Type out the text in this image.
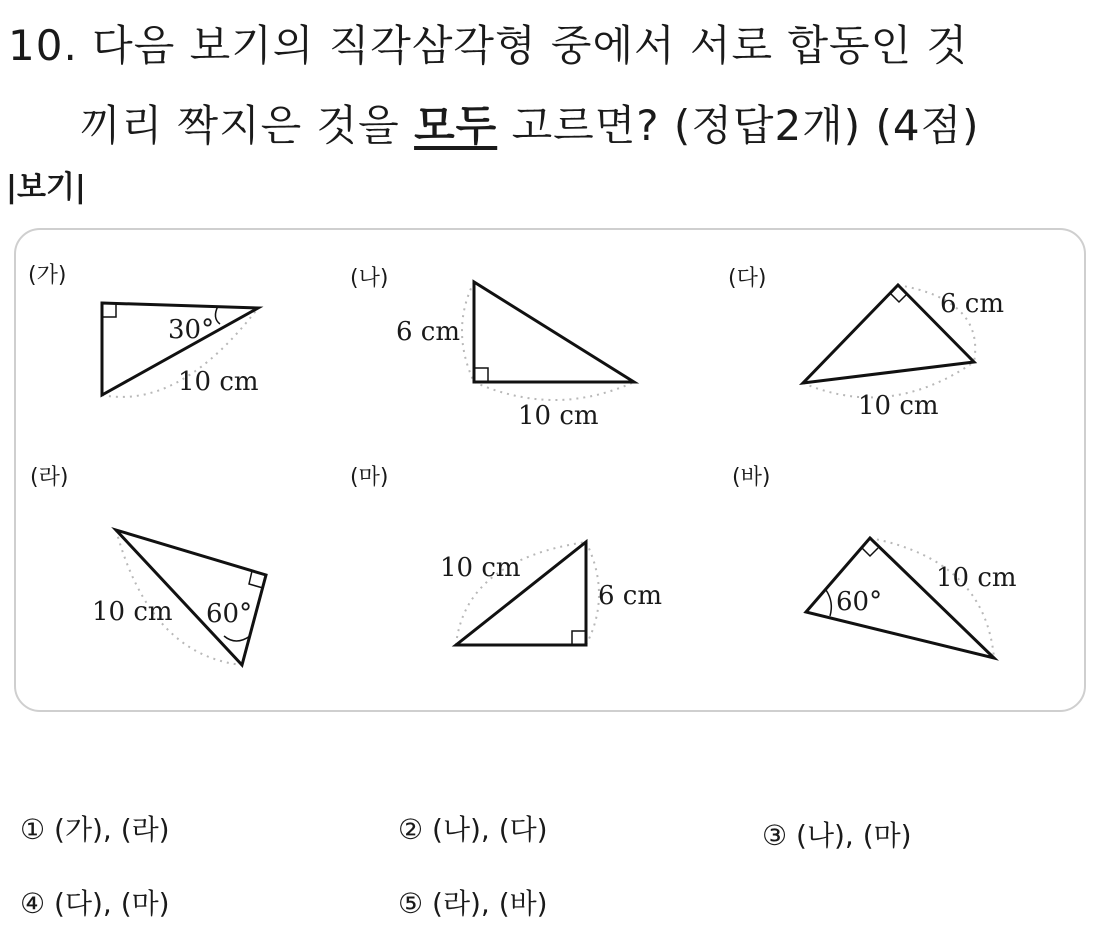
10. 다음 보기의 직각삼각형 중에서 서로 합동인 것
끼리 짝지은 것을 모두 고르면? (정답2개) (4점)
|보기|
(가)
30°
10 cm
(나)
6 cm
10 cm
(다)
6 cm
10 cm
(라)
10 cm 60°
(마)
10 cm
6 cm
(바)
60°
10 cm
① (가), (라)	② (나), (다)	③ (나), (마)
④ (다), (마)	⑤ (라), (바)
